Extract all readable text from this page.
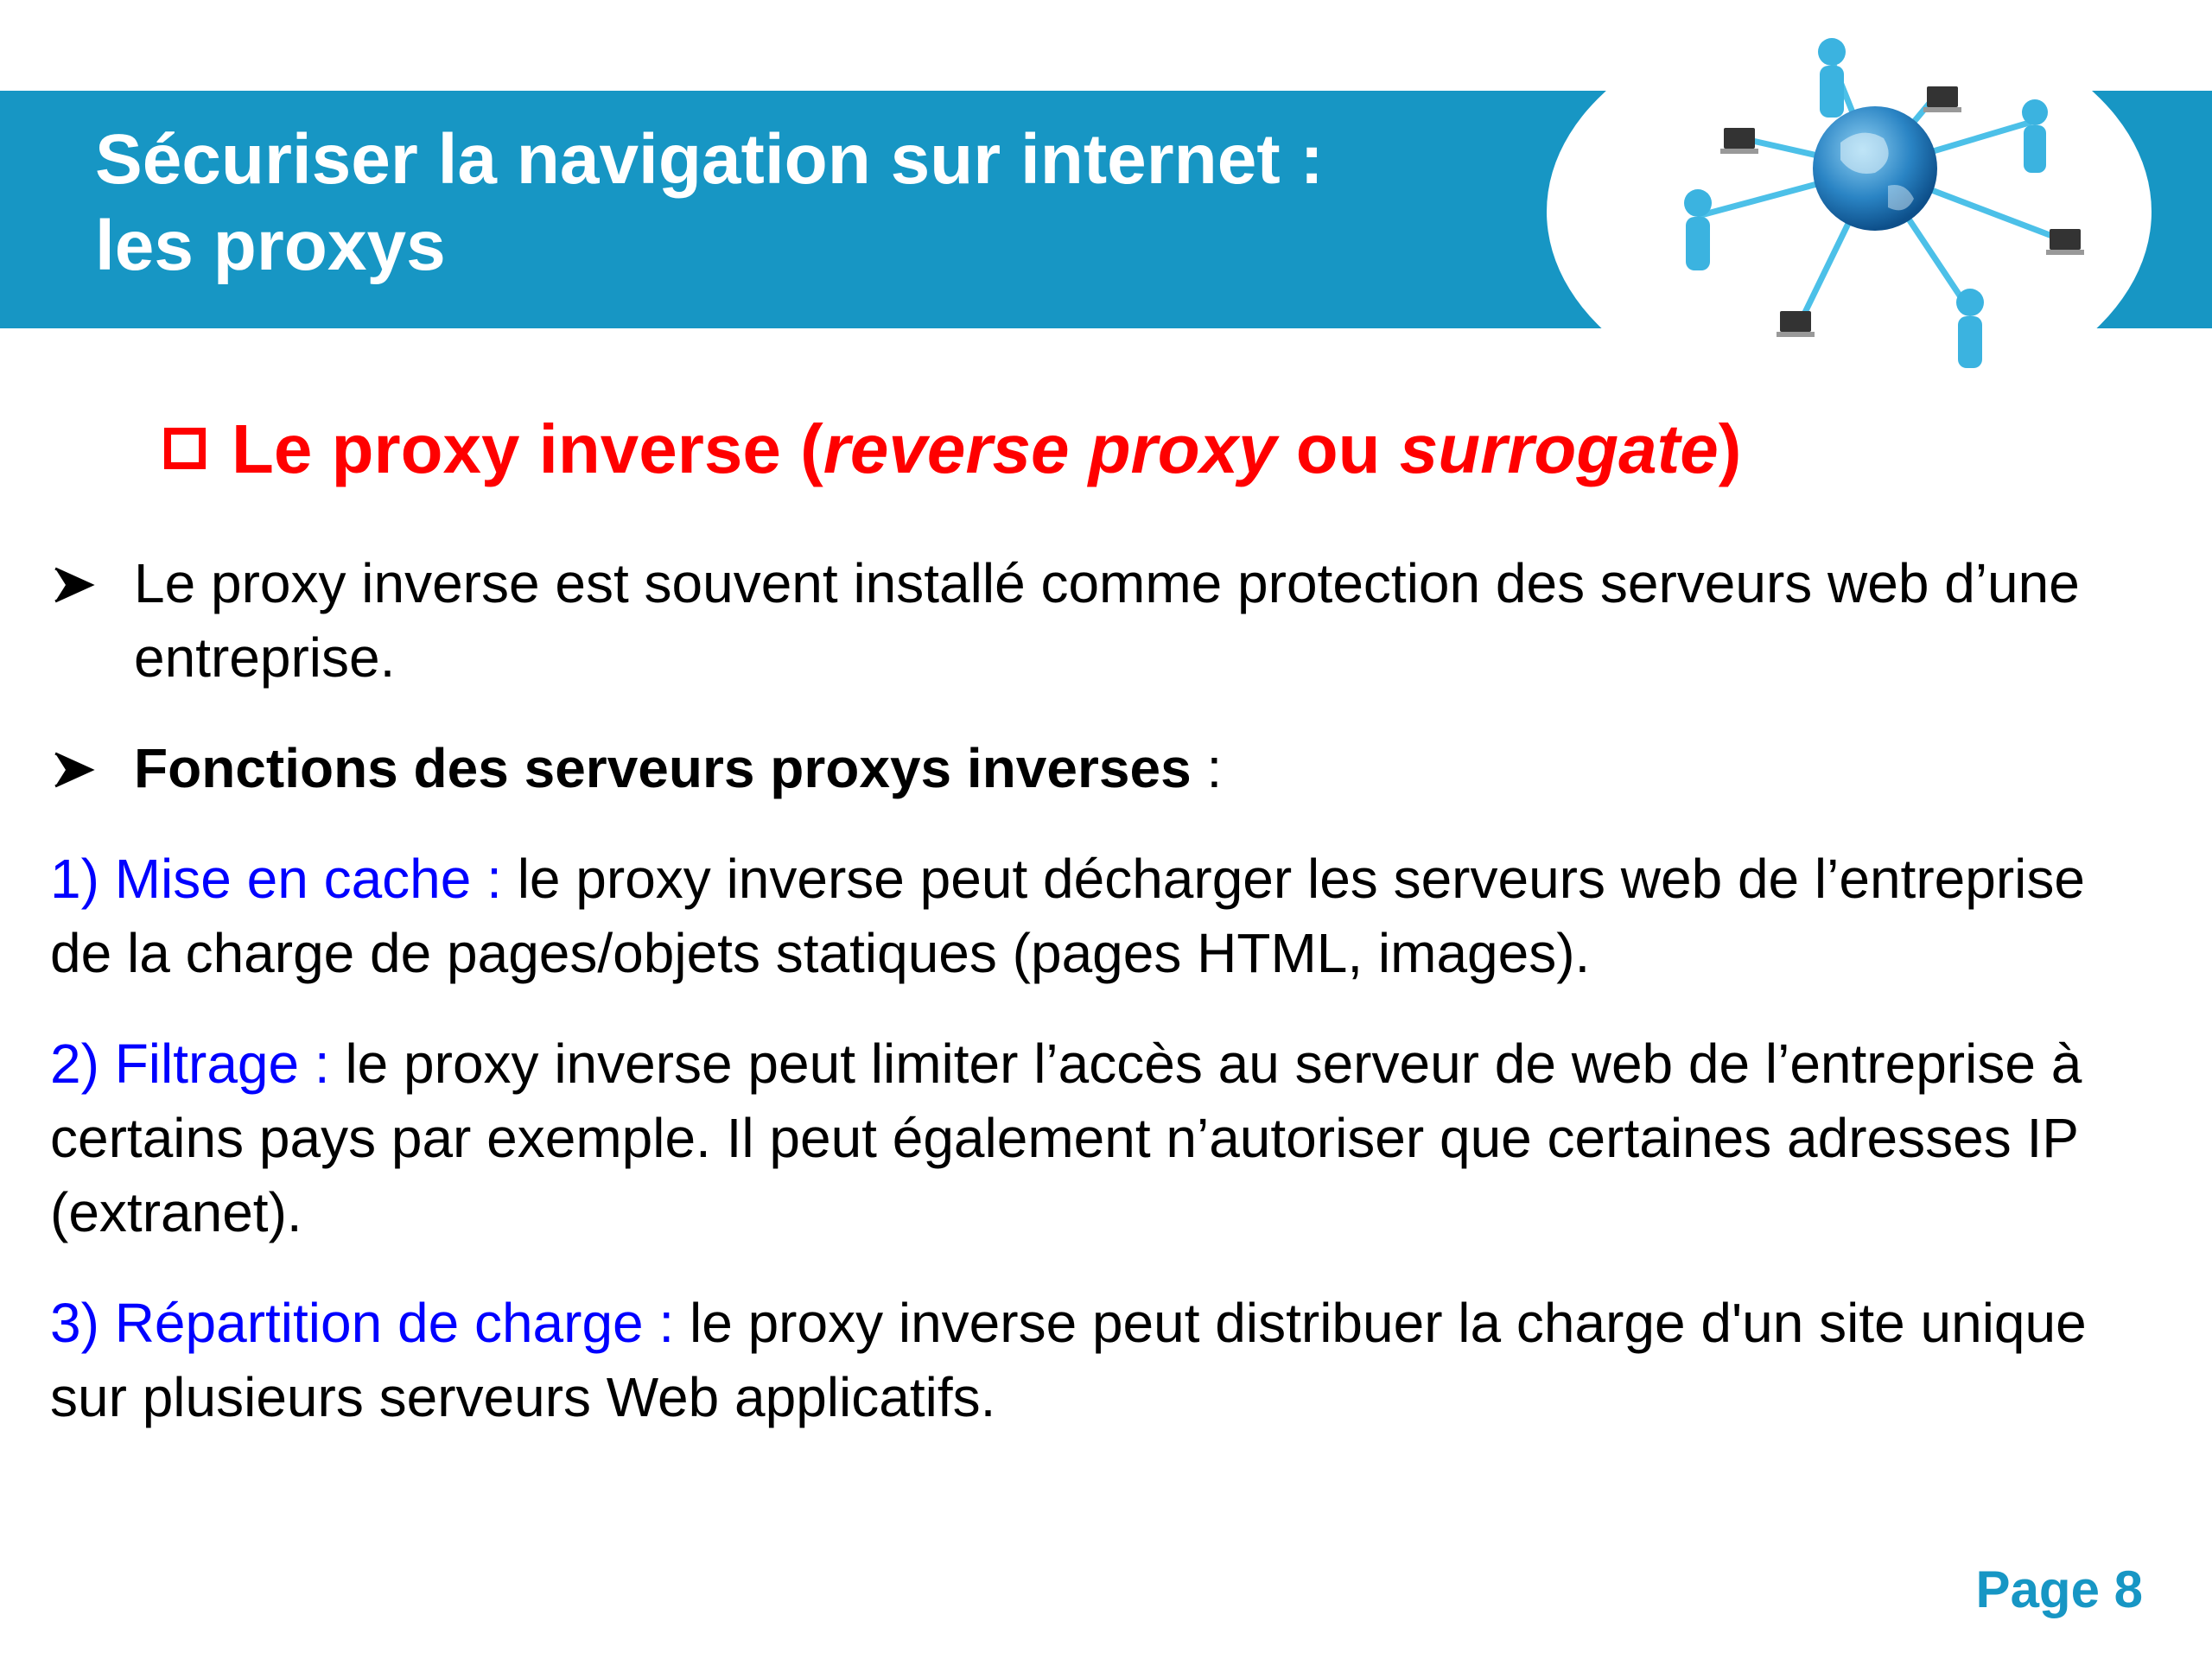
Sécuriser la navigation sur internet :
les proxys
Le proxy inverse (reverse proxy ou surrogate)
Le proxy inverse est souvent installé comme protection des serveurs web d’une entreprise.
Fonctions des serveurs proxys inverses :
1) Mise en cache : le proxy inverse peut décharger les serveurs web de l’entreprise de la charge de pages/objets statiques (pages HTML, images).
2) Filtrage : le proxy inverse peut limiter l’accès au serveur de web de l’entreprise à certains pays par exemple. Il peut également n’autoriser que certaines adresses IP (extranet).
3) Répartition de charge : le proxy inverse peut distribuer la charge d'un site unique sur plusieurs serveurs Web applicatifs.
Page 8
